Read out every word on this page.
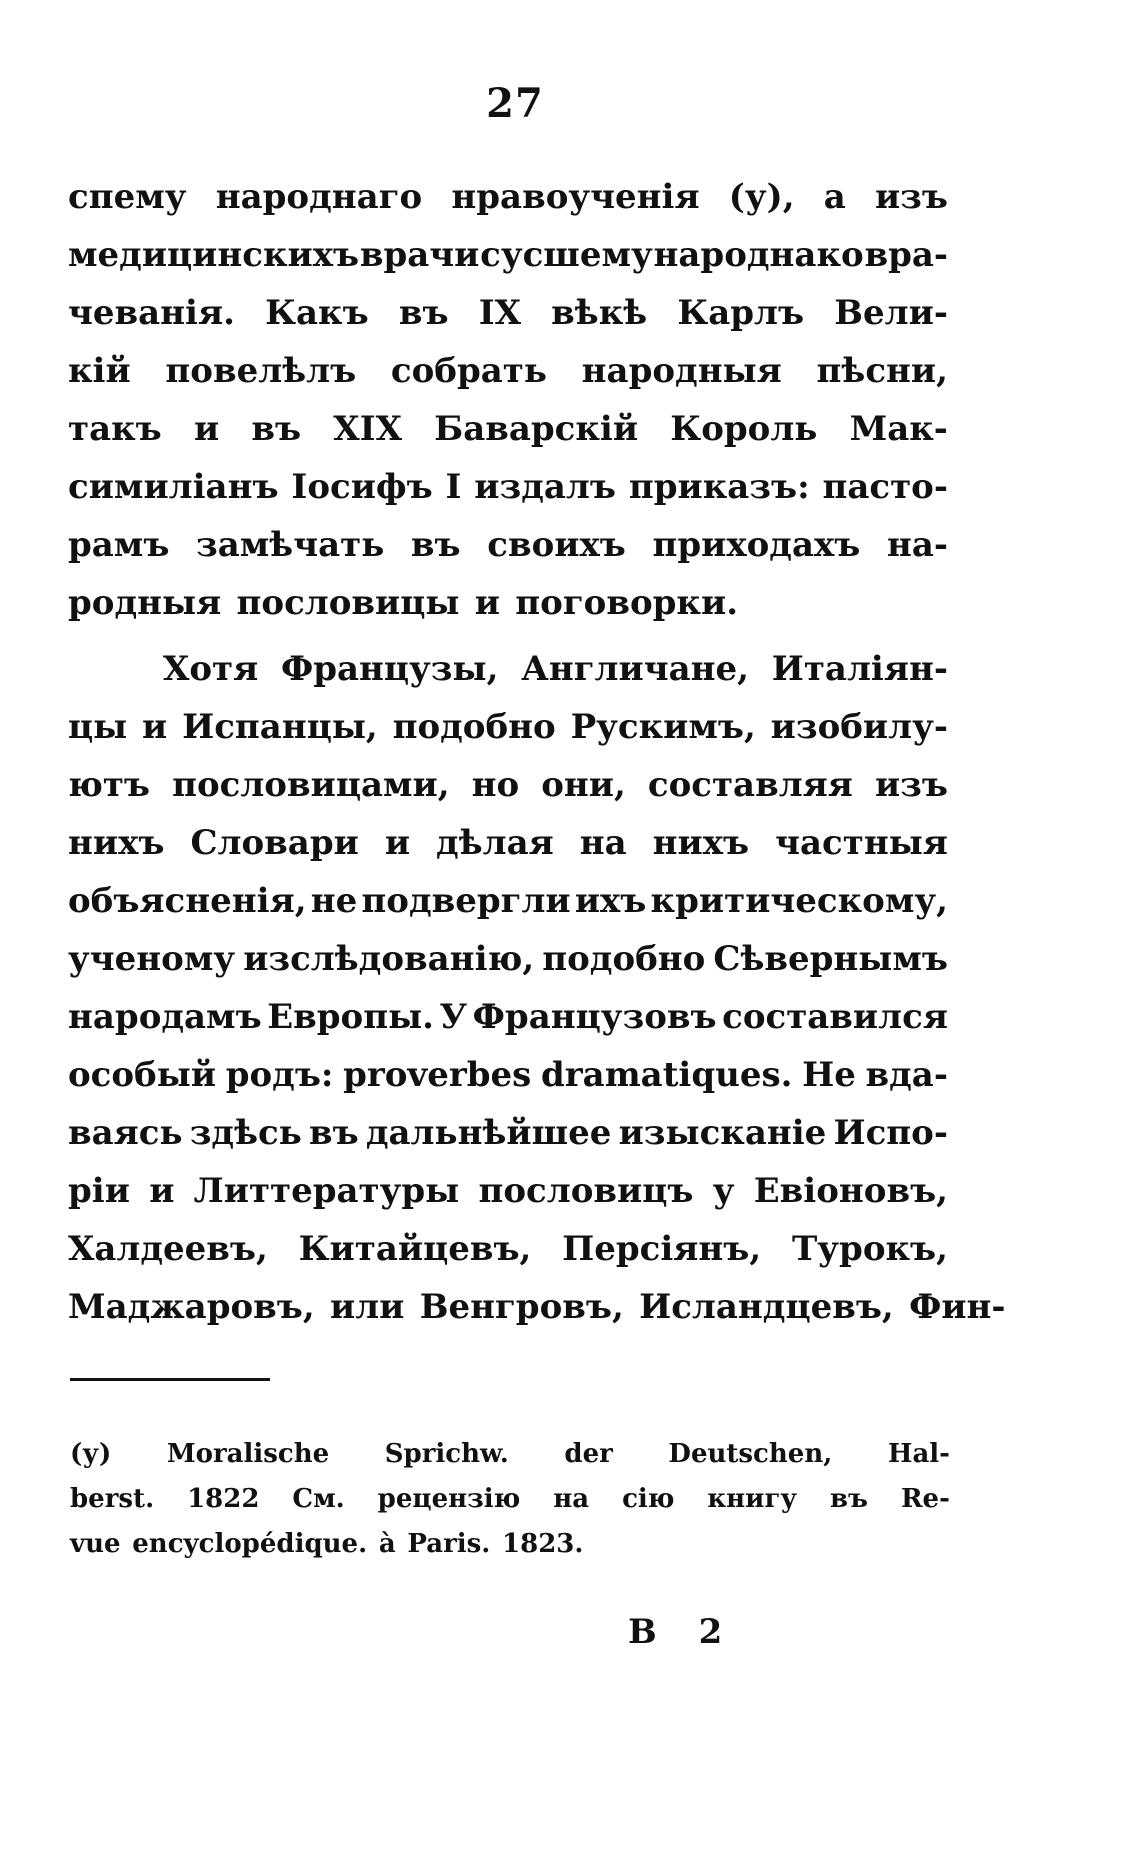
27
спему народнаго нравоученія (у), а изъ
медицинскихъ врачи сусшему народнако вра-
чеванія. Какъ въ IX вѣкѣ Карлъ Вели-
кій повелѣлъ собрать народныя пѣсни,
такъ и въ XIX Баварскій Король Мак-
симиліанъ Іосифъ I издалъ приказъ: пасто-
рамъ замѣчать въ своихъ приходахъ на-
родныя пословицы и поговорки.
Хотя Французы, Англичане, Италіян-
цы и Испанцы, подобно Рускимъ, изобилу-
ютъ пословицами, но они, составляя изъ
нихъ Словари и дѣлая на нихъ частныя
объясненія, не подвергли ихъ критическому,
ученому изслѣдованію, подобно Сѣвернымъ
народамъ Европы. У Французовъ составился
особый родъ: proverbes dramatiques. Не вда-
ваясь здѣсь въ дальнѣйшее изысканіе Испо-
ріи и Литтературы пословицъ у Евіоновъ,
Халдеевъ, Китайцевъ, Персіянъ, Турокъ,
Маджаровъ, или Венгровъ, Исландцевъ, Фин-
(у) Moralische Sprichw. der Deutschen, Hal-
berst. 1822 См. рецензію на сію книгу въ Re-
vue encyclopédique. à Paris. 1823.
В 2
